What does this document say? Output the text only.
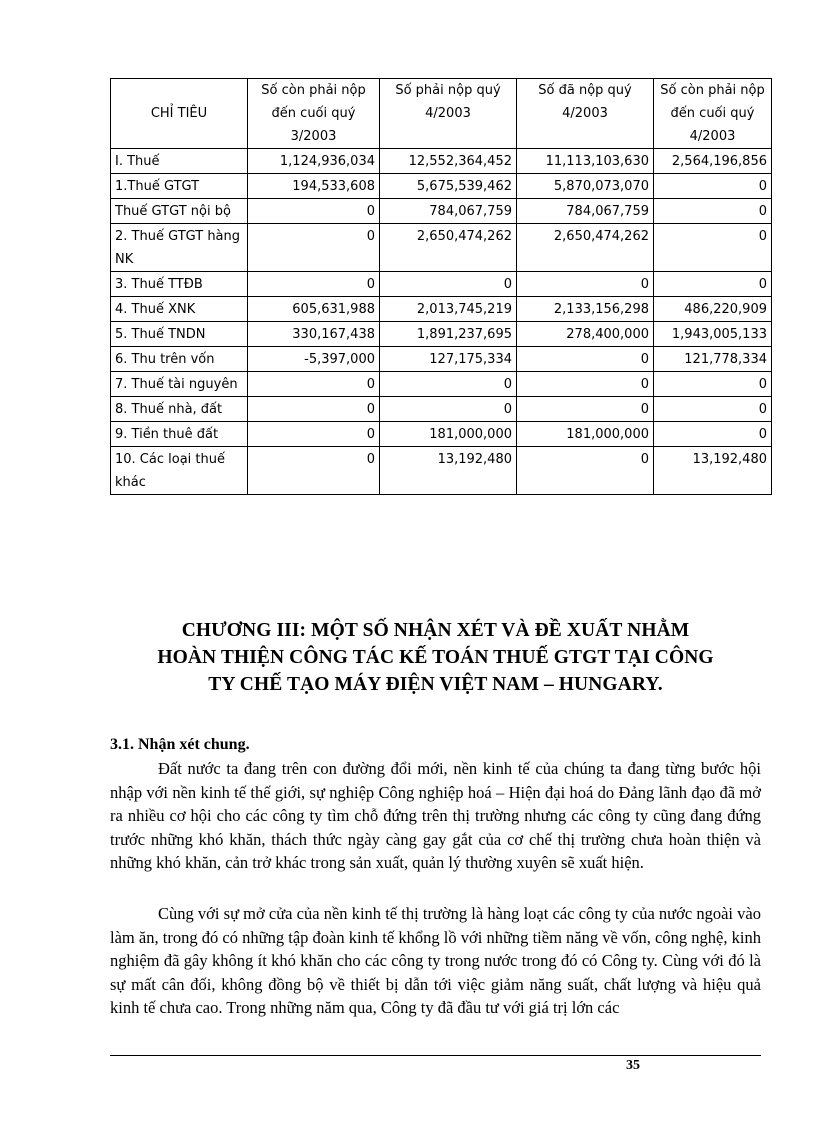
CHỈ TIÊU	Số còn phải nộp đến cuối quý 3/2003	Số phải nộp quý 4/2003	Số đã nộp quý 4/2003	Số còn phải nộp đến cuối quý 4/2003
I. Thuế	1,124,936,034	12,552,364,452	11,113,103,630	2,564,196,856
1.Thuế GTGT	194,533,608	5,675,539,462	5,870,073,070	0
Thuế GTGT nội bộ	0	784,067,759	784,067,759	0
2. Thuế GTGT hàng NK	0	2,650,474,262	2,650,474,262	0
3. Thuế TTĐB	0	0	0	0
4. Thuế XNK	605,631,988	2,013,745,219	2,133,156,298	486,220,909
5. Thuế TNDN	330,167,438	1,891,237,695	278,400,000	1,943,005,133
6. Thu trên vốn	-5,397,000	127,175,334	0	121,778,334
7. Thuế tài nguyên	0	0	0	0
8. Thuế nhà, đất	0	0	0	0
9. Tiền thuê đất	0	181,000,000	181,000,000	0
10. Các loại thuế khác	0	13,192,480	0	13,192,480
CHƯƠNG III: MỘT SỐ NHẬN XÉT VÀ ĐỀ XUẤT NHẰM
HOÀN THIỆN CÔNG TÁC KẾ TOÁN THUẾ GTGT TẠI CÔNG
TY CHẾ TẠO MÁY ĐIỆN VIỆT NAM – HUNGARY.
3.1. Nhận xét chung.

Đất nước ta đang trên con đường đổi mới, nền kinh tế của chúng ta đang từng bước hội nhập với nền kinh tế thế giới, sự nghiệp Công nghiệp hoá – Hiện đại hoá do Đảng lãnh đạo đã mở ra nhiều cơ hội cho các công ty tìm chỗ đứng trên thị trường nhưng các công ty cũng đang đứng trước những khó khăn, thách thức ngày càng gay gắt của cơ chế thị trường chưa hoàn thiện và những khó khăn, cản trở khác trong sản xuất, quản lý thường xuyên sẽ xuất hiện.

Cùng với sự mở cửa của nền kinh tế thị trường là hàng loạt các công ty của nước ngoài vào làm ăn, trong đó có những tập đoàn kinh tế khổng lồ với những tiềm năng về vốn, công nghệ, kinh nghiệm đã gây không ít khó khăn cho các công ty trong nước trong đó có Công ty. Cùng với đó là sự mất cân đối, không đồng bộ về thiết bị dẫn tới việc giảm năng suất, chất lượng và hiệu quả kinh tế chưa cao. Trong những năm qua, Công ty đã đầu tư với giá trị lớn các

35
